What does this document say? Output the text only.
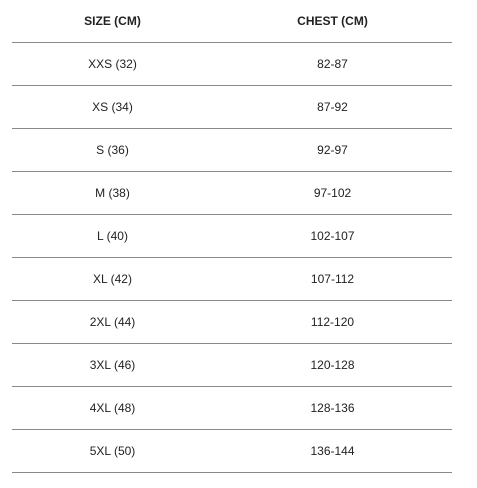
SIZE (CM)	CHEST (CM)
XXS (32)	82-87
XS (34)	87-92
S (36)	92-97
M (38)	97-102
L (40)	102-107
XL (42)	107-112
2XL (44)	112-120
3XL (46)	120-128
4XL (48)	128-136
5XL (50)	136-144
